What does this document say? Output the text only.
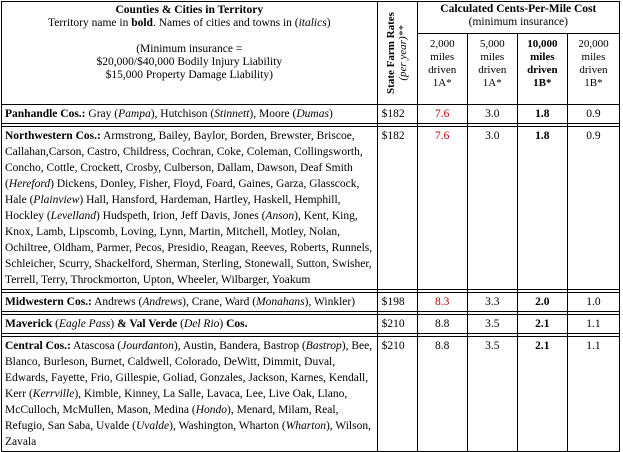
Counties & Cities in Territory
Territory name in bold. Names of cities and towns in (italics)
(Minimum insurance =
$20,000/$40,000 Bodily Injury Liability
$15,000 Property Damage Liability)	State Farm Rates (per year)**	Calculated Cents-Per-Mile Cost
(minimum insurance)			

		2,000
miles
driven
1A*	5,000
miles
driven
1A*	10,000
miles
driven
1B*	20,000
miles
driven
1B*

Panhandle Cos.: Gray (Pampa), Hutchison (Stinnett), Moore (Dumas)	$182	7.6	3.0	1.8	0.9

Northwestern Cos.: Armstrong, Bailey, Baylor, Borden, Brewster, Briscoe, Callahan,Carson, Castro, Childress, Cochran, Coke, Coleman, Collingsworth, Concho, Cottle, Crockett, Crosby, Culberson, Dallam, Dawson, Deaf Smith (Hereford) Dickens, Donley, Fisher, Floyd, Foard, Gaines, Garza, Glasscock, Hale (Plainview) Hall, Hansford, Hardeman, Hartley, Haskell, Hemphill, Hockley (Levelland) Hudspeth, Irion, Jeff Davis, Jones (Anson), Kent, King, Knox, Lamb, Lipscomb, Loving, Lynn, Martin, Mitchell, Motley, Nolan, Ochiltree, Oldham, Parmer, Pecos, Presidio, Reagan, Reeves, Roberts, Runnels, Schleicher, Scurry, Shackelford, Sherman, Sterling, Stonewall, Sutton, Swisher, Terrell, Terry, Throckmorton, Upton, Wheeler, Wilbarger, Yoakum	$182	7.6	3.0	1.8	0.9

Midwestern Cos.: Andrews (Andrews), Crane, Ward (Monahans), Winkler)	$198	8.3	3.3	2.0	1.0

Maverick (Eagle Pass) & Val Verde (Del Rio) Cos.	$210	8.8	3.5	2.1	1.1

Central Cos.: Atascosa (Jourdanton), Austin, Bandera, Bastrop (Bastrop), Bee, Blanco, Burleson, Burnet, Caldwell, Colorado, DeWitt, Dimmit, Duval, Edwards, Fayette, Frio, Gillespie, Goliad, Gonzales, Jackson, Karnes, Kendall, Kerr (Kerrville), Kimble, Kinney, La Salle, Lavaca, Lee, Live Oak, Llano, McCulloch, McMullen, Mason, Medina (Hondo), Menard, Milam, Real, Refugio, San Saba, Uvalde (Uvalde), Washington, Wharton (Wharton), Wilson, Zavala	$210	8.8	3.5	2.1	1.1
